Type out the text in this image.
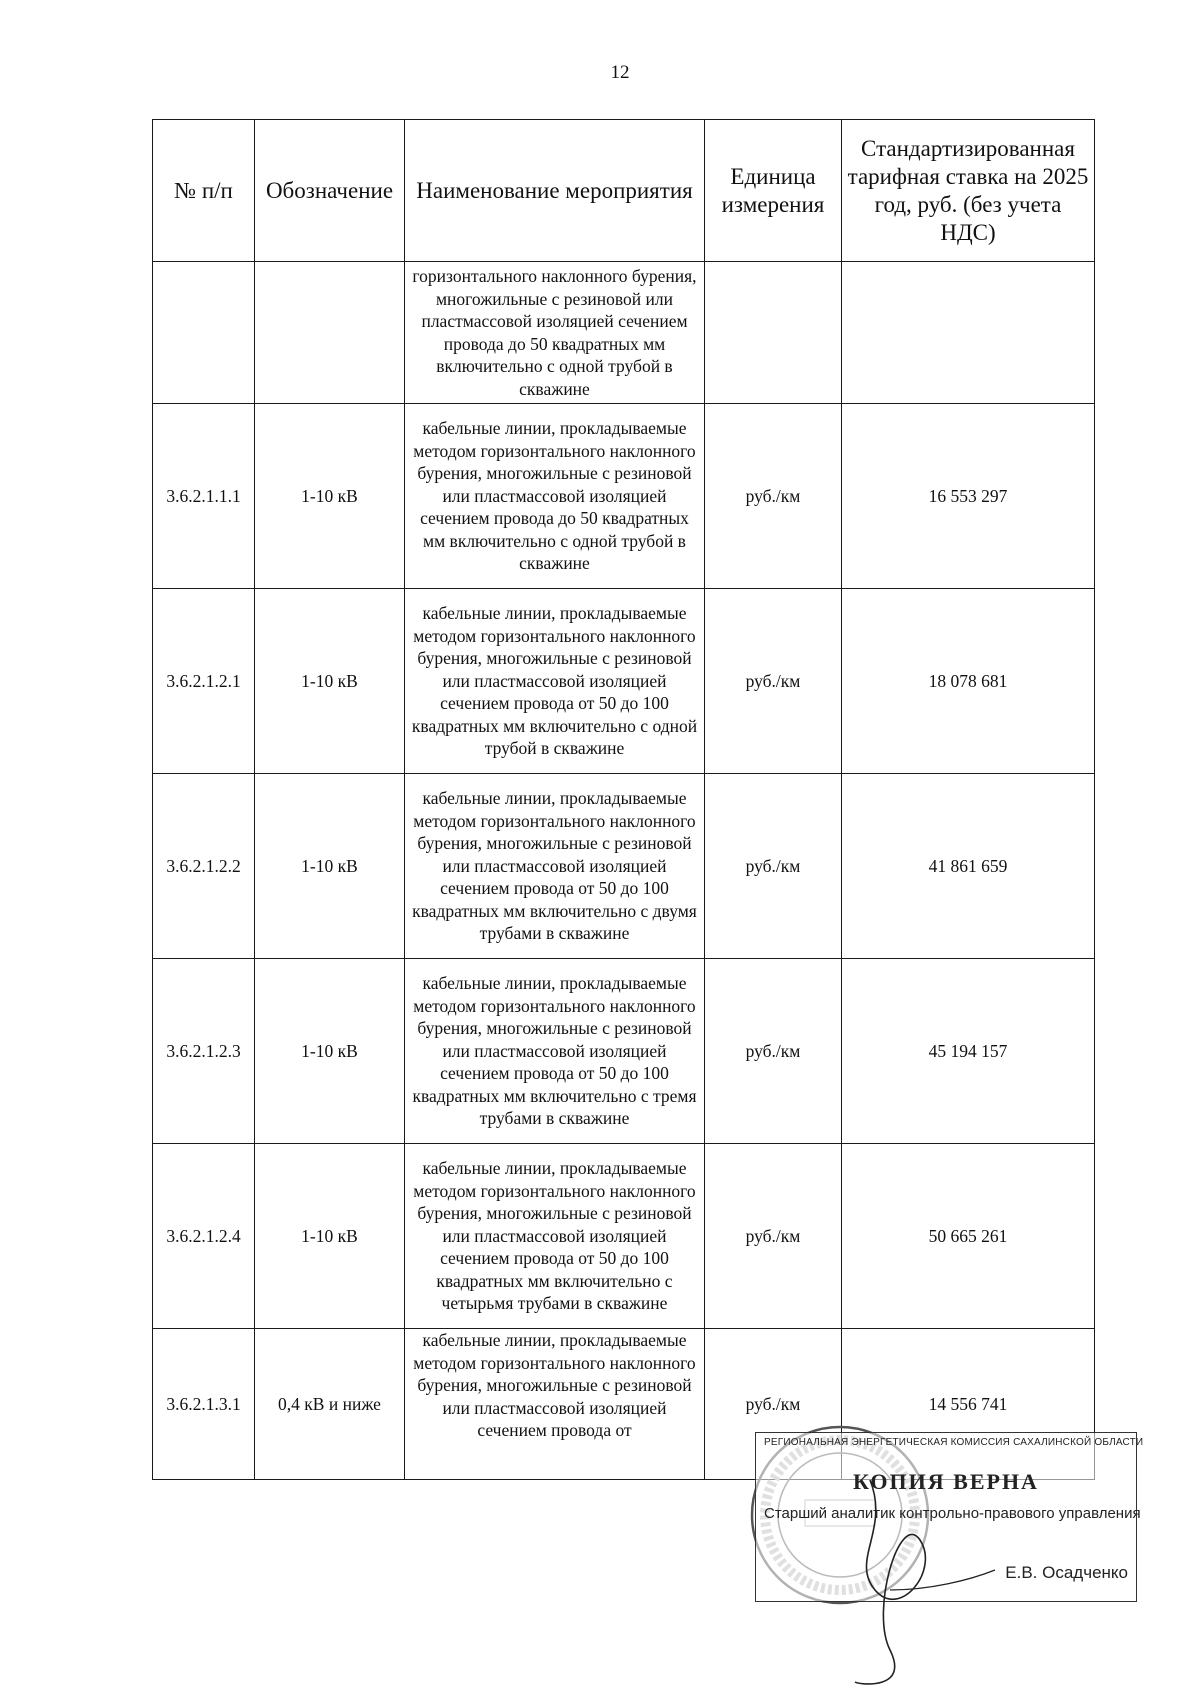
12
№ п/п	Обозначение	Наименование мероприятия	Единица измерения	Стандартизированная тарифная ставка на 2025 год, руб. (без учета НДС)
		горизонтального наклонного бурения, многожильные с резиновой или пластмассовой изоляцией сечением провода до 50 квадратных мм включительно с одной трубой в скважине		
3.6.2.1.1.1	1-10 кВ	кабельные линии, прокладываемые методом горизонтального наклонного бурения, многожильные с резиновой или пластмассовой изоляцией сечением провода до 50 квадратных мм включительно с одной трубой в скважине	руб./км	16 553 297
3.6.2.1.2.1	1-10 кВ	кабельные линии, прокладываемые методом горизонтального наклонного бурения, многожильные с резиновой или пластмассовой изоляцией сечением провода от 50 до 100 квадратных мм включительно с одной трубой в скважине	руб./км	18 078 681
3.6.2.1.2.2	1-10 кВ	кабельные линии, прокладываемые методом горизонтального наклонного бурения, многожильные с резиновой или пластмассовой изоляцией сечением провода от 50 до 100 квадратных мм включительно с двумя трубами в скважине	руб./км	41 861 659
3.6.2.1.2.3	1-10 кВ	кабельные линии, прокладываемые методом горизонтального наклонного бурения, многожильные с резиновой или пластмассовой изоляцией сечением провода от 50 до 100 квадратных мм включительно с тремя трубами в скважине	руб./км	45 194 157
3.6.2.1.2.4	1-10 кВ	кабельные линии, прокладываемые методом горизонтального наклонного бурения, многожильные с резиновой или пластмассовой изоляцией сечением провода от 50 до 100 квадратных мм включительно с четырьмя трубами в скважине	руб./км	50 665 261
3.6.2.1.3.1	0,4 кВ и ниже	кабельные линии, прокладываемые методом горизонтального наклонного бурения, многожильные с резиновой или пластмассовой изоляцией сечением провода от	руб./км	14 556 741
РЕГИОНАЛЬНАЯ ЭНЕРГЕТИЧЕСКАЯ КОМИССИЯ САХАЛИНСКОЙ ОБЛАСТИ
КОПИЯ ВЕРНА
Старший аналитик контрольно-правового управления
Е.В. Осадченко
